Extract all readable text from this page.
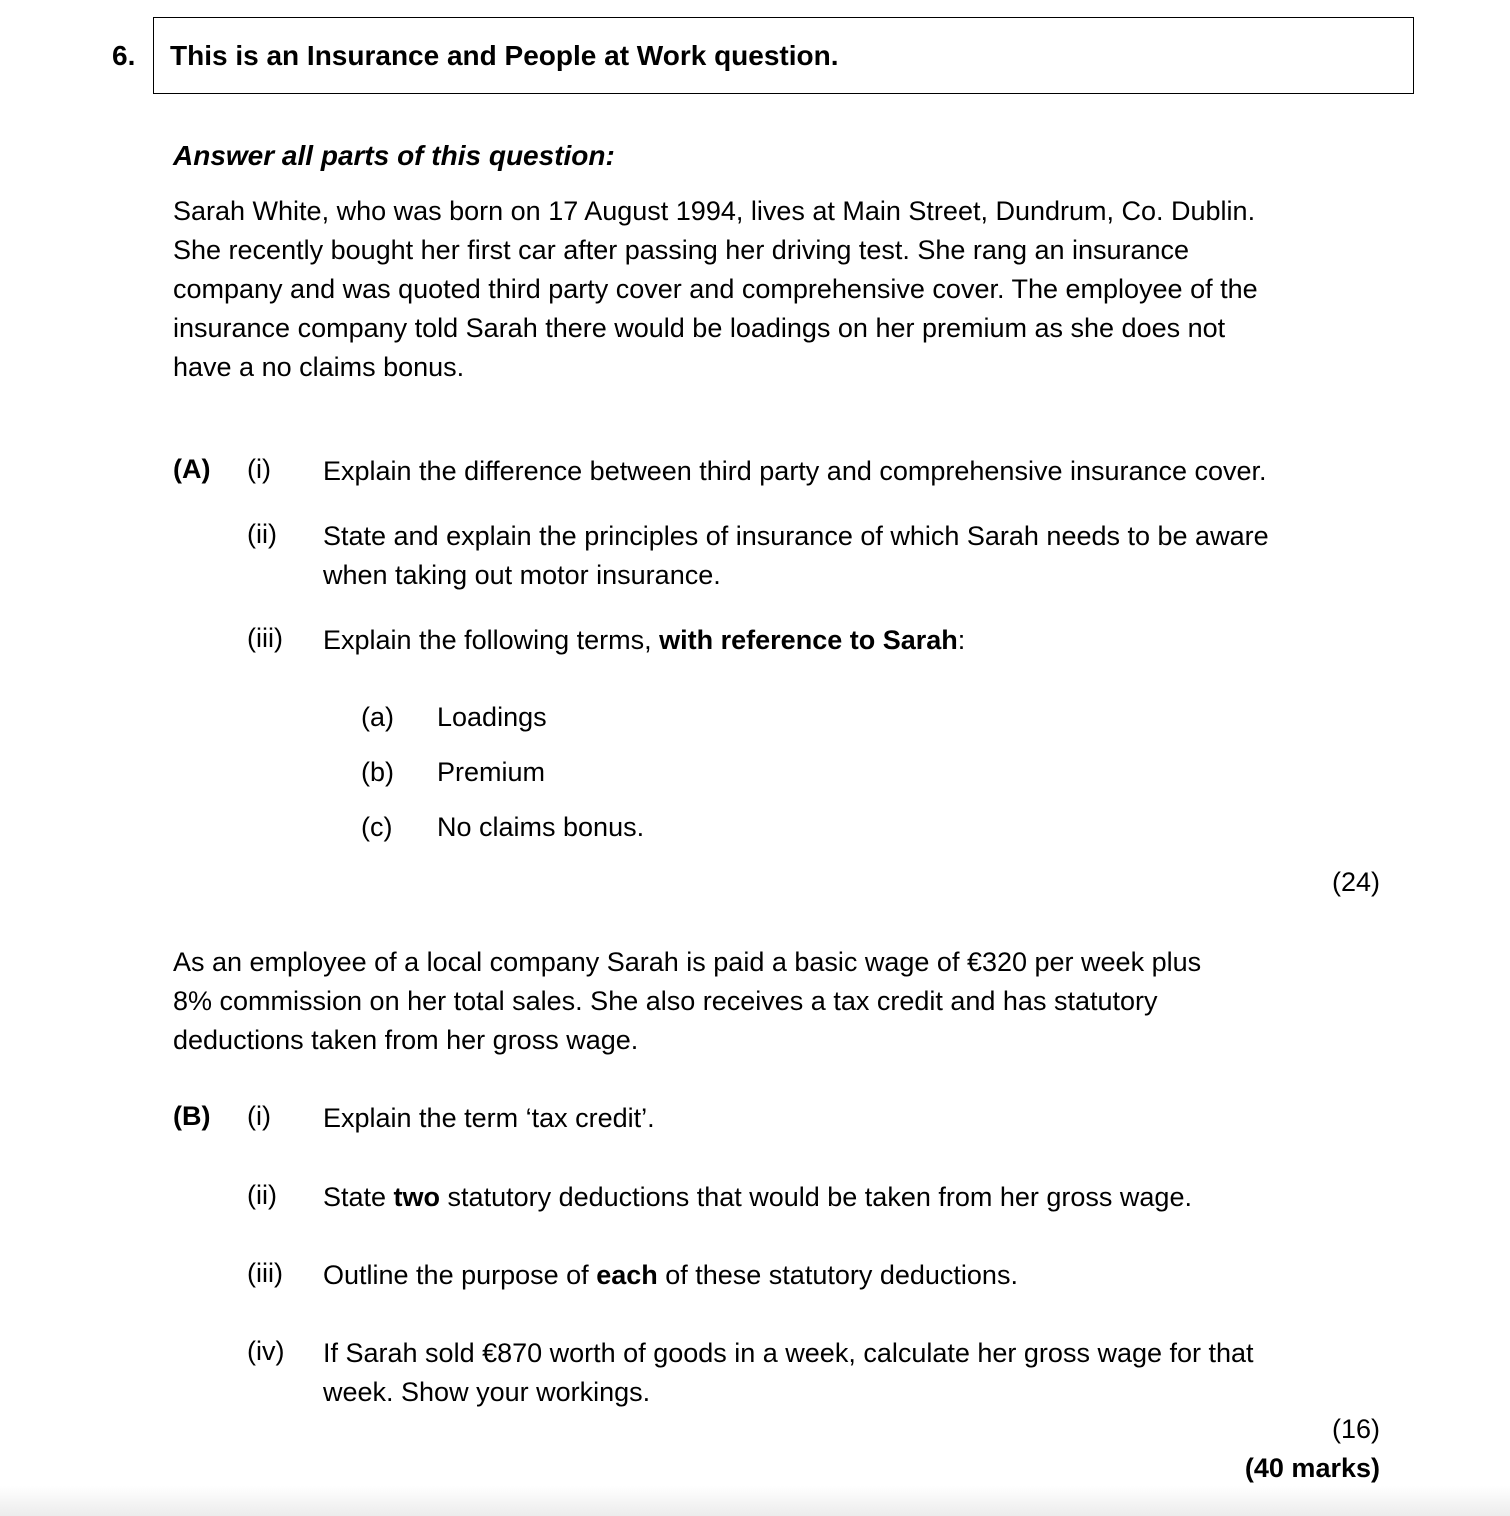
6. This is an Insurance and People at Work question.
Answer all parts of this question:
Sarah White, who was born on 17 August 1994, lives at Main Street, Dundrum, Co. Dublin.
She recently bought her first car after passing her driving test. She rang an insurance
company and was quoted third party cover and comprehensive cover. The employee of the
insurance company told Sarah there would be loadings on her premium as she does not
have a no claims bonus.
(A) (i) Explain the difference between third party and comprehensive insurance cover.
(ii) State and explain the principles of insurance of which Sarah needs to be aware
when taking out motor insurance.
(iii) Explain the following terms, with reference to Sarah:
(a) Loadings
(b) Premium
(c) No claims bonus.
(24)
As an employee of a local company Sarah is paid a basic wage of €320 per week plus
8% commission on her total sales. She also receives a tax credit and has statutory
deductions taken from her gross wage.
(B) (i) Explain the term ‘tax credit’.
(ii) State two statutory deductions that would be taken from her gross wage.
(iii) Outline the purpose of each of these statutory deductions.
(iv) If Sarah sold €870 worth of goods in a week, calculate her gross wage for that
week. Show your workings.
(16)
(40 marks)
